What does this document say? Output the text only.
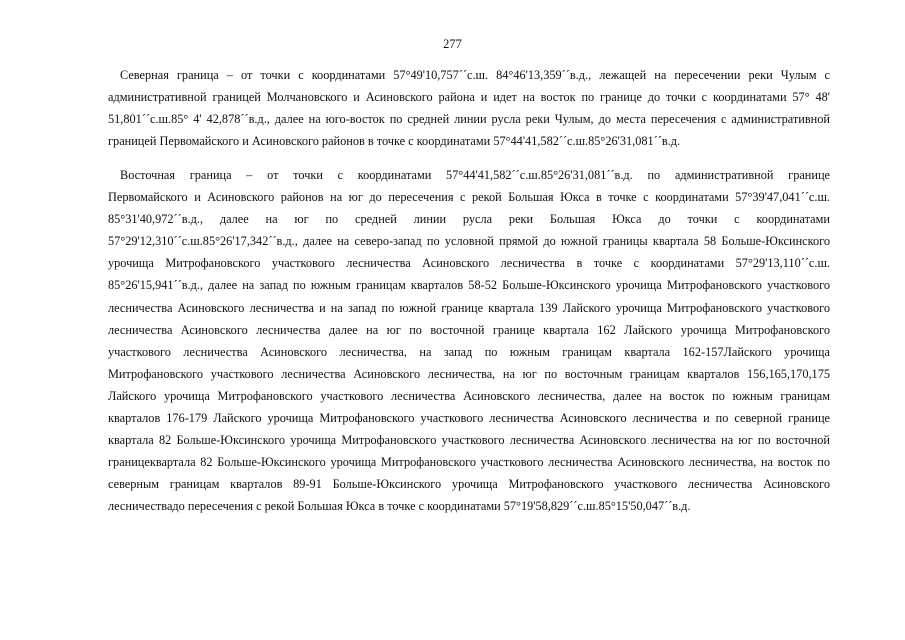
277
Северная граница – от точки с координатами 57°49'10,757´´с.ш. 84°46'13,359´´в.д., лежащей на пересечении реки Чулым с
административной границей Молчановского и Асиновского района и идет на восток по границе до точки с координатами 57° 48'
51,801´´с.ш.85° 4' 42,878´´в.д., далее на юго-восток по средней линии русла реки Чулым, до места пересечения с административной
границей Первомайского и Асиновского районов в точке с координатами 57°44'41,582´´с.ш.85°26'31,081´´в.д.
Восточная граница – от точки с координатами 57°44'41,582´´с.ш.85°26'31,081´´в.д. по административной границе
Первомайского и Асиновского районов на юг до пересечения с рекой Большая Юкса в точке с координатами 57°39'47,041´´с.ш.
85°31'40,972´´в.д., далее на юг по средней линии русла реки Большая Юкса до точки с координатами
57°29'12,310´´с.ш.85°26'17,342´´в.д., далее на северо-запад по условной прямой до южной границы квартала 58 Больше-Юксинского
урочища Митрофановского участкового лесничества Асиновского лесничества в точке с координатами 57°29'13,110´´с.ш.
85°26'15,941´´в.д., далее на запад по южным границам кварталов 58-52 Больше-Юксинского урочища Митрофановского участкового
лесничества Асиновского лесничества и на запад по южной границе квартала 139 Лайского урочища Митрофановского участкового
лесничества Асиновского лесничества далее на юг по восточной границе квартала 162 Лайского урочища Митрофановского
участкового лесничества Асиновского лесничества, на запад по южным границам квартала 162-157Лайского урочища
Митрофановского участкового лесничества Асиновского лесничества, на юг по восточным границам кварталов 156,165,170,175
Лайского урочища Митрофановского участкового лесничества Асиновского лесничества, далее на восток по южным границам
кварталов 176-179 Лайского урочища Митрофановского участкового лесничества Асиновского лесничества и по северной границе
квартала 82 Больше-Юксинского урочища Митрофановского участкового лесничества Асиновского лесничества на юг по восточной
границеквартала 82 Больше-Юксинского урочища Митрофановского участкового лесничества Асиновского лесничества, на восток по
северным границам кварталов 89-91 Больше-Юксинского урочища Митрофановского участкового лесничества Асиновского
лесничествадо пересечения с рекой Большая Юкса в точке с координатами 57°19'58,829´´с.ш.85°15'50,047´´в.д.
